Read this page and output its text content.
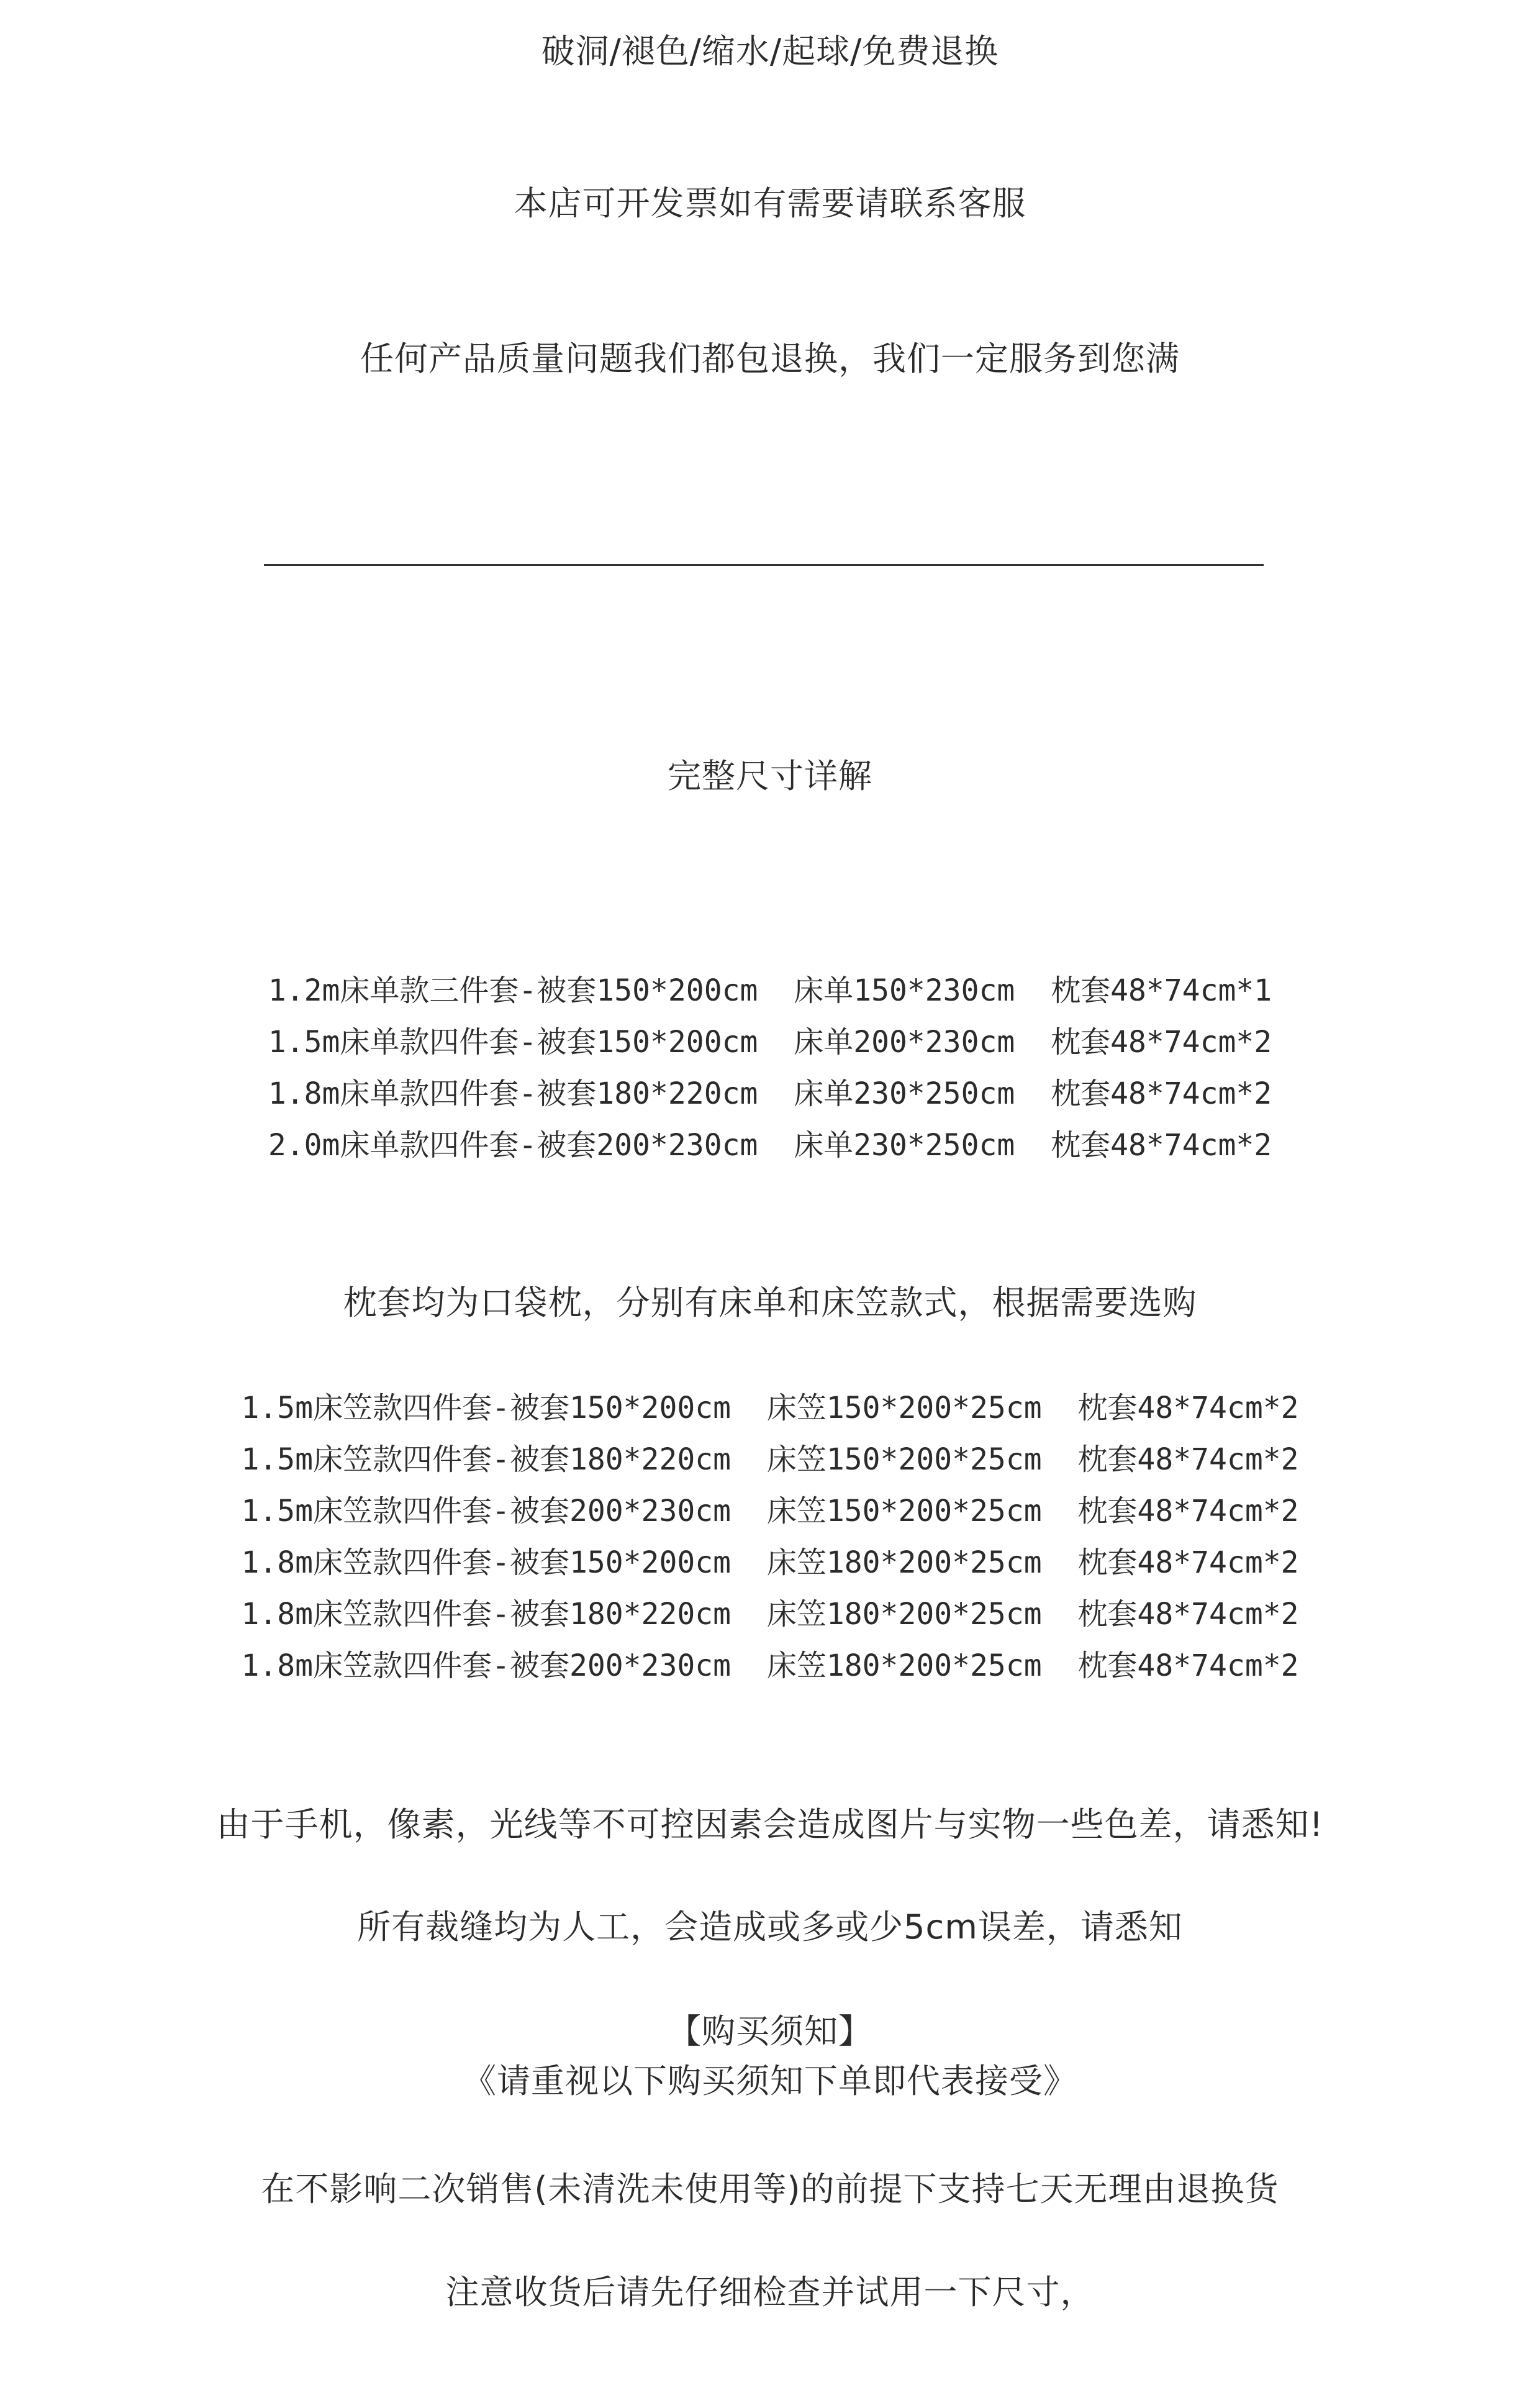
破洞/褪色/缩水/起球/免费退换
本店可开发票如有需要请联系客服
任何产品质量问题我们都包退换，我们一定服务到您满
完整尺寸详解
1.2m床单款三件套-被套150*200cm  床单150*230cm  枕套48*74cm*1
1.5m床单款四件套-被套150*200cm  床单200*230cm  枕套48*74cm*2
1.8m床单款四件套-被套180*220cm  床单230*250cm  枕套48*74cm*2
2.0m床单款四件套-被套200*230cm  床单230*250cm  枕套48*74cm*2
枕套均为口袋枕，分别有床单和床笠款式，根据需要选购
1.5m床笠款四件套-被套150*200cm  床笠150*200*25cm  枕套48*74cm*2
1.5m床笠款四件套-被套180*220cm  床笠150*200*25cm  枕套48*74cm*2
1.5m床笠款四件套-被套200*230cm  床笠150*200*25cm  枕套48*74cm*2
1.8m床笠款四件套-被套150*200cm  床笠180*200*25cm  枕套48*74cm*2
1.8m床笠款四件套-被套180*220cm  床笠180*200*25cm  枕套48*74cm*2
1.8m床笠款四件套-被套200*230cm  床笠180*200*25cm  枕套48*74cm*2
由于手机，像素，光线等不可控因素会造成图片与实物一些色差，请悉知!
所有裁缝均为人工，会造成或多或少5cm误差，请悉知
【购买须知】
《请重视以下购买须知下单即代表接受》
在不影响二次销售(未清洗未使用等)的前提下支持七天无理由退换货
注意收货后请先仔细检查并试用一下尺寸，
